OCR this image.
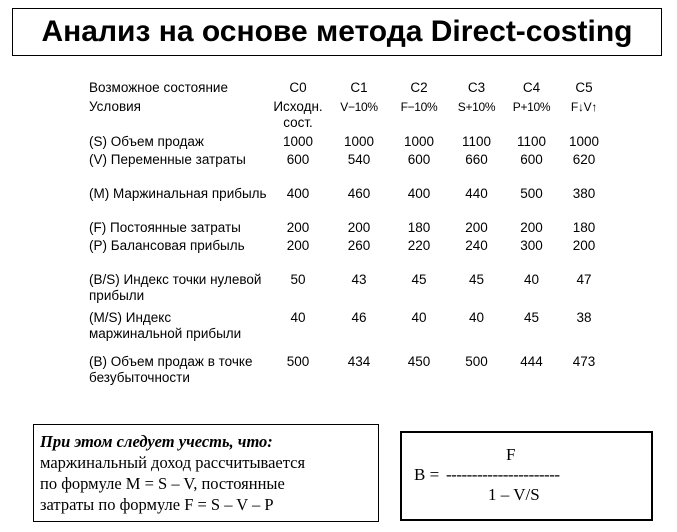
Анализ на основе метода Direct-costing
Возможное состояние	С0	С1	С2	С3	С4	С5
Условия	Исходн. сост.	V−10%	F−10%	S+10%	P+10%	F↓V↑
(S) Объем продаж	1000	1000	1000	1100	1100	1000
(V) Переменные затраты	600	540	600	660	600	620
(M) Маржинальная прибыль	400	460	400	440	500	380
(F) Постоянные затраты	200	200	180	200	200	180
(P) Балансовая прибыль	200	260	220	240	300	200
(B/S) Индекс точки нулевой прибыли	50	43	45	45	40	47
(M/S) Индекс маржинальной прибыли	40	46	40	40	45	38
(B) Объем продаж в точке безубыточности	500	434	450	500	444	473
При этом следует учесть, что:
маржинальный доход рассчитывается
по формуле М = S – V, постоянные
затраты по формуле F = S – V – P
F
B = ----------------------
1 – V/S
